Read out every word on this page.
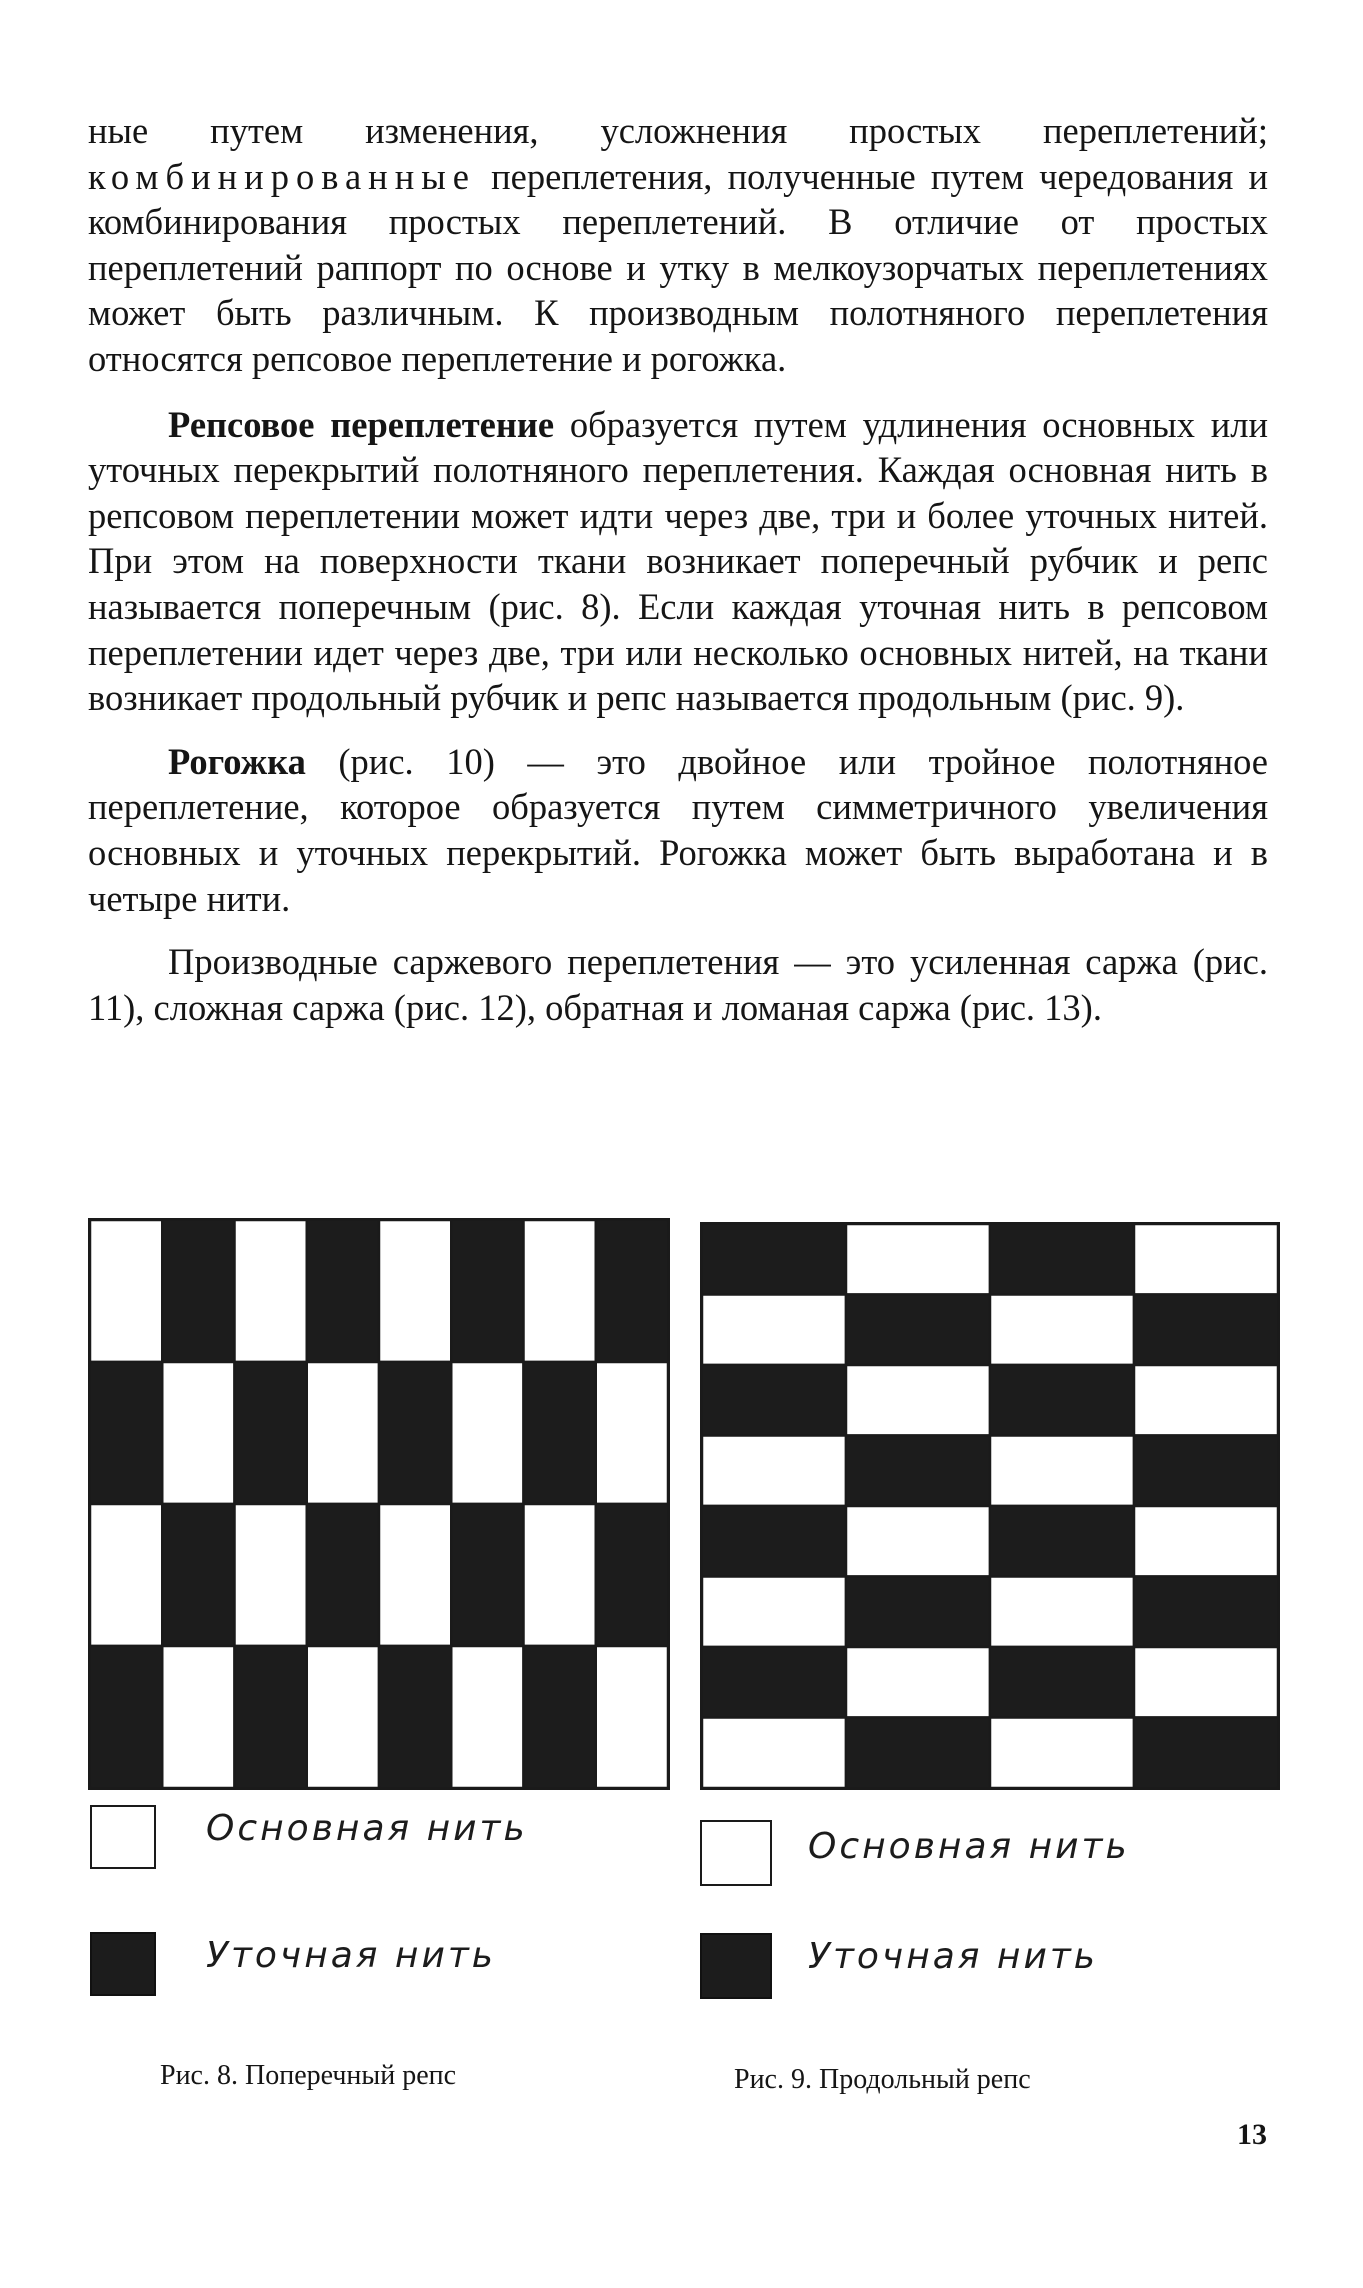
ные путем изменения, усложнения простых переплетений; комбинированные переплетения, полученные путем чередования и комбинирования простых переплетений. В отличие от простых переплетений раппорт по основе и утку в мелкоузорчатых переплетениях может быть различным. К производным полотняного переплетения относятся репсовое переплетение и рогожка.

Репсовое переплетение образуется путем удлинения основных или уточных перекрытий полотняного переплетения. Каждая основная нить в репсовом переплетении может идти через две, три и более уточных нитей. При этом на поверхности ткани возникает поперечный рубчик и репс называется поперечным (рис. 8). Если каждая уточная нить в репсовом переплетении идет через две, три или несколько основных нитей, на ткани возникает продольный рубчик и репс называется продольным (рис. 9).

Рогожка (рис. 10) — это двойное или тройное полотняное переплетение, которое образуется путем симметричного увеличения основных и уточных перекрытий. Рогожка может быть выработана и в четыре нити.

Производные саржевого переплетения — это усиленная саржа (рис. 11), сложная саржа (рис. 12), обратная и ломаная саржа (рис. 13).

Основная нить
Уточная нить
Основная нить
Уточная нить
Рис. 8. Поперечный репс	Рис. 9. Продольный репс
13
